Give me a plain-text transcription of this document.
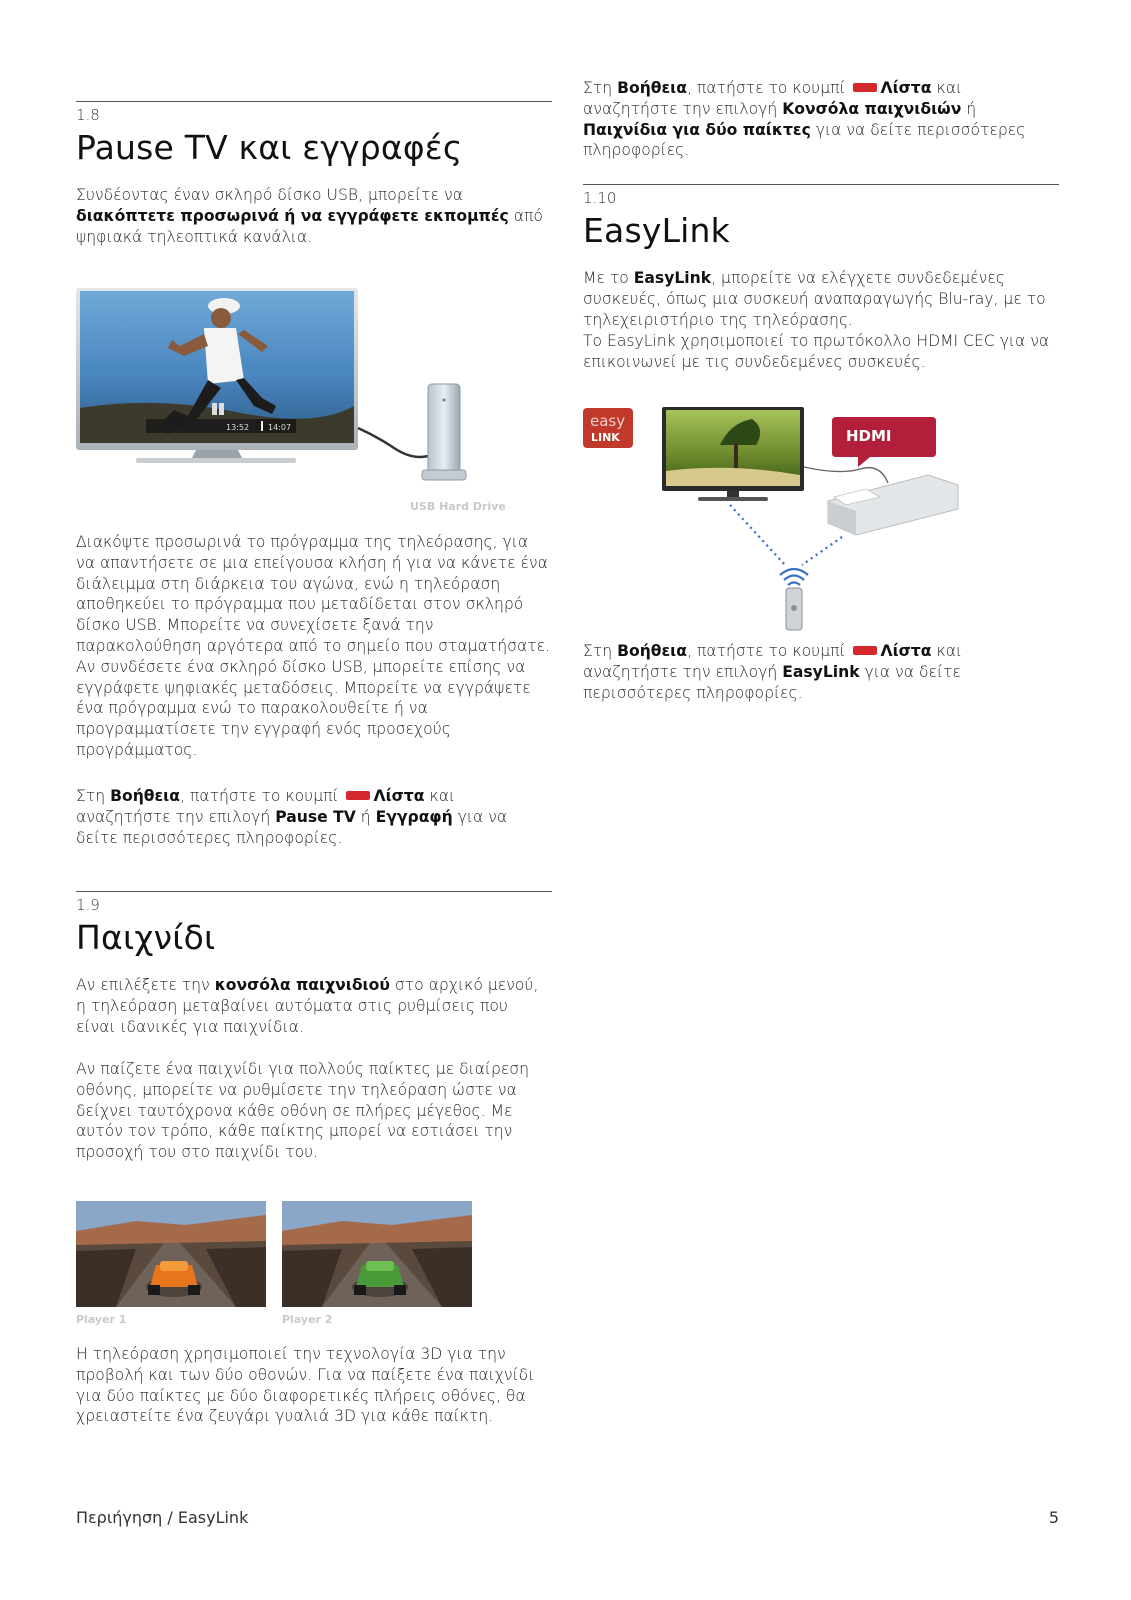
1.8
Pause TV και εγγραφές
Συνδέοντας έναν σκληρό δίσκο USB, μπορείτε να διακόπτετε προσωρινά ή να εγγράφετε εκπομπές από ψηφιακά τηλεοπτικά κανάλια.
13:52 14:07
USB Hard Drive
Διακόψτε προσωρινά το πρόγραμμα της τηλεόρασης, για να απαντήσετε σε μια επείγουσα κλήση ή για να κάνετε ένα διάλειμμα στη διάρκεια του αγώνα, ενώ η τηλεόραση αποθηκεύει το πρόγραμμα που μεταδίδεται στον σκληρό δίσκο USB. Μπορείτε να συνεχίσετε ξανά την παρακολούθηση αργότερα από το σημείο που σταματήσατε. Αν συνδέσετε ένα σκληρό δίσκο USB, μπορείτε επίσης να εγγράφετε ψηφιακές μεταδόσεις. Μπορείτε να εγγράψετε ένα πρόγραμμα ενώ το παρακολουθείτε ή να προγραμματίσετε την εγγραφή ενός προσεχούς προγράμματος.
Στη Βοήθεια, πατήστε το κουμπί Λίστα και αναζητήστε την επιλογή Pause TV ή Εγγραφή για να δείτε περισσότερες πληροφορίες.
1.9
Παιχνίδι
Αν επιλέξετε την κονσόλα παιχνιδιού στο αρχικό μενού, η τηλεόραση μεταβαίνει αυτόματα στις ρυθμίσεις που είναι ιδανικές για παιχνίδια.
Αν παίζετε ένα παιχνίδι για πολλούς παίκτες με διαίρεση οθόνης, μπορείτε να ρυθμίσετε την τηλεόραση ώστε να δείχνει ταυτόχρονα κάθε οθόνη σε πλήρες μέγεθος. Με αυτόν τον τρόπο, κάθε παίκτης μπορεί να εστιάσει την προσοχή του στο παιχνίδι του.
Player 1	Player 2
Η τηλεόραση χρησιμοποιεί την τεχνολογία 3D για την προβολή και των δύο οθονών. Για να παίξετε ένα παιχνίδι για δύο παίκτες με δύο διαφορετικές πλήρεις οθόνες, θα χρειαστείτε ένα ζευγάρι γυαλιά 3D για κάθε παίκτη.
Στη Βοήθεια, πατήστε το κουμπί Λίστα και αναζητήστε την επιλογή Κονσόλα παιχνιδιών ή Παιχνίδια για δύο παίκτες για να δείτε περισσότερες πληροφορίες.
1.10
EasyLink
Με το EasyLink, μπορείτε να ελέγχετε συνδεδεμένες συσκευές, όπως μια συσκευή αναπαραγωγής Blu-ray, με το τηλεχειριστήριο της τηλεόρασης.
Το EasyLink χρησιμοποιεί το πρωτόκολλο HDMI CEC για να επικοινωνεί με τις συνδεδεμένες συσκευές.
easy
LINK	HDMI
Στη Βοήθεια, πατήστε το κουμπί Λίστα και αναζητήστε την επιλογή EasyLink για να δείτε περισσότερες πληροφορίες.
Περιήγηση / EasyLink	5
